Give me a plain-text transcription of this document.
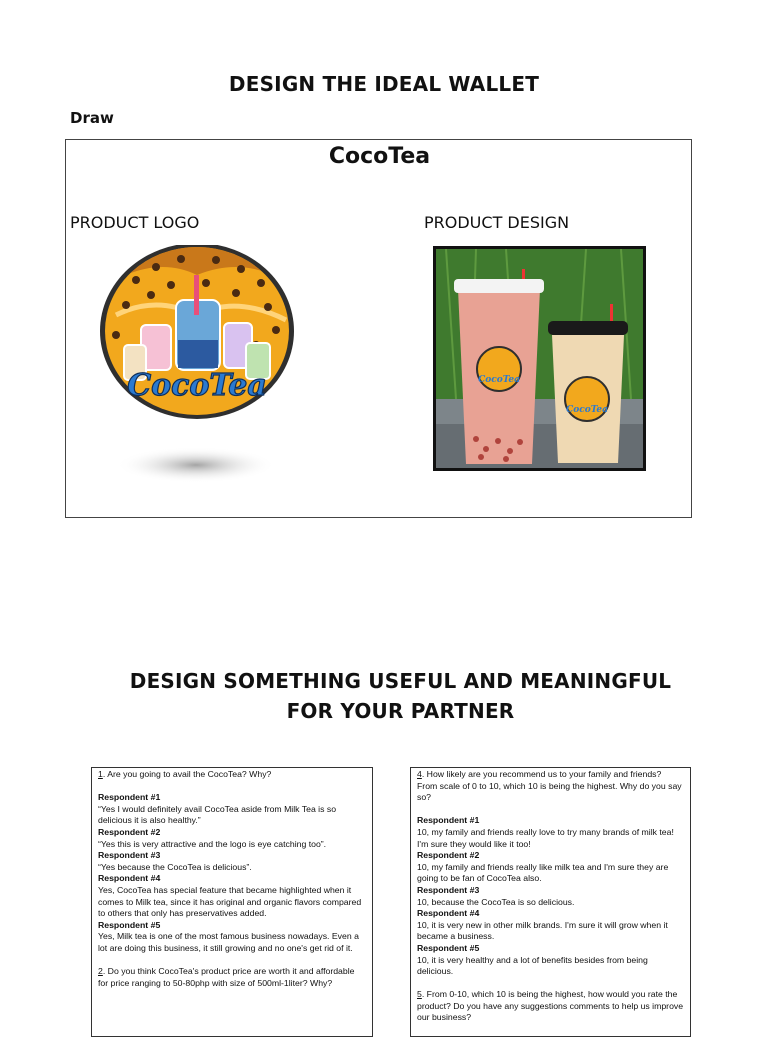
DESIGN THE IDEAL WALLET
Draw
CocoTea
PRODUCT LOGO	PRODUCT DESIGN
CocoTea	CocoTea
CocoTea
DESIGN SOMETHING USEFUL AND MEANINGFUL FOR YOUR PARTNER

1. Are you going to avail the CocoTea? Why?

Respondent #1

“Yes I would definitely avail CocoTea aside from Milk Tea is so delicious it is also healthy.”

Respondent #2

“Yes this is very attractive and the logo is eye catching too”.

Respondent #3

“Yes because the CocoTea is delicious”.

Respondent #4

Yes, CocoTea has special feature that became highlighted when it comes to Milk tea, since it has original and organic flavors compared to others that only has preservatives added.

Respondent #5

Yes, Milk tea is one of the most famous business nowadays. Even a lot are doing this business, it still growing and no one's get rid of it.

2. Do you think CocoTea's product price are worth it and affordable for price ranging to 50-80php with size of 500ml-1liter? Why?

4. How likely are you recommend us to your family and friends? From scale of 0 to 10, which 10 is being the highest. Why do you say so?

Respondent #1

10, my family and friends really love to try many brands of milk tea! I'm sure they would like it too!

Respondent #2

10, my family and friends really like milk tea and I'm sure they are going to be fan of CocoTea also.

Respondent #3

10, because the CocoTea is so delicious.

Respondent #4

10, it is very new in other milk brands. I'm sure it will grow when it became a business.

Respondent #5

10, it is very healthy and a lot of benefits besides from being delicious.

5. From 0-10, which 10 is being the highest, how would you rate the product? Do you have any suggestions comments to help us improve our business?
